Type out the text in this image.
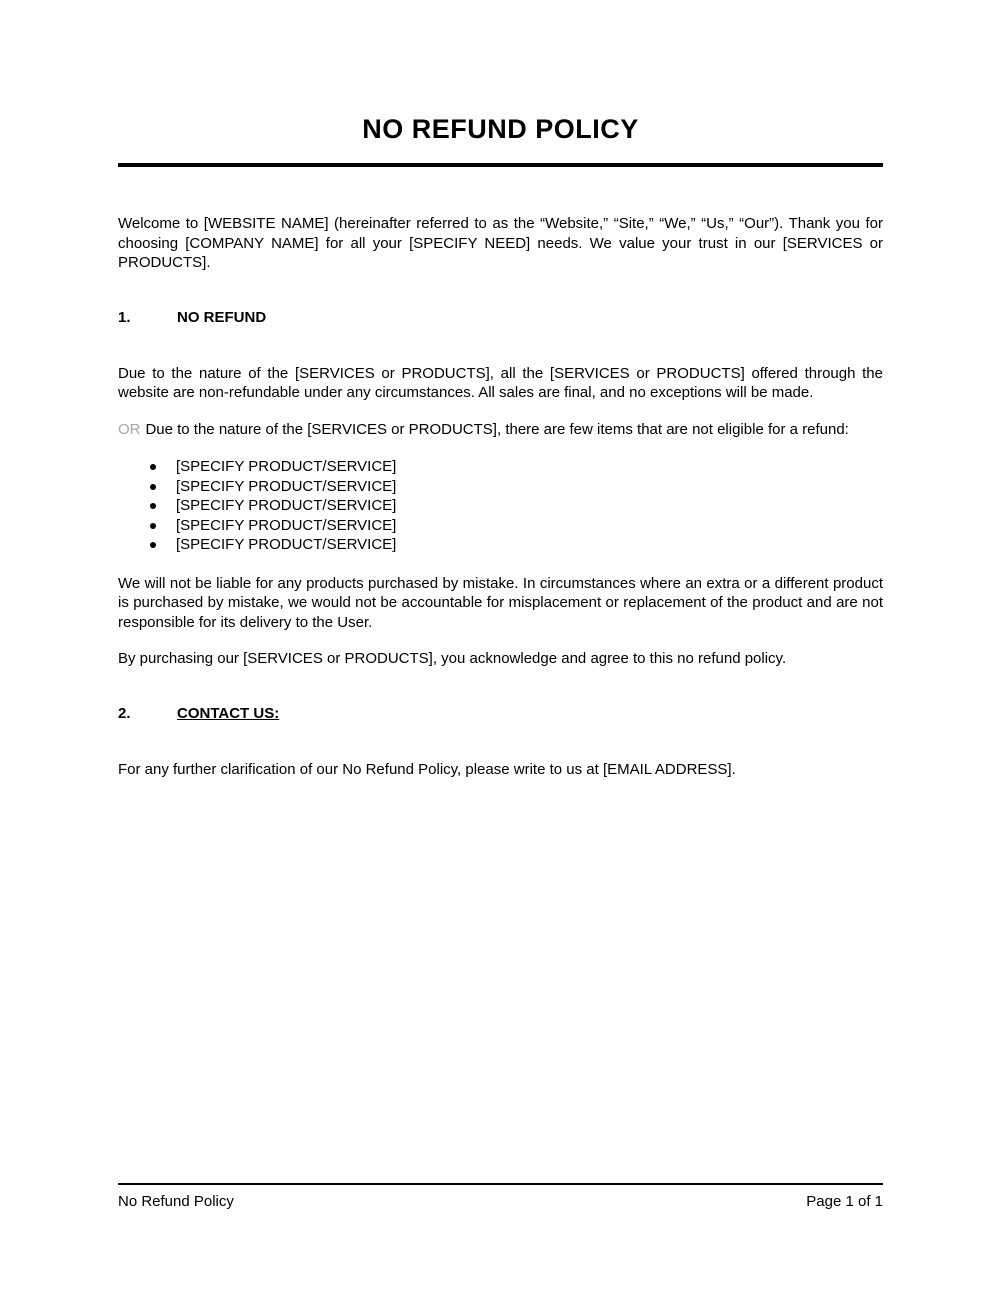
NO REFUND POLICY

Welcome to [WEBSITE NAME] (hereinafter referred to as the “Website,” “Site,” “We,” “Us,” “Our”). Thank you for choosing [COMPANY NAME] for all your [SPECIFY NEED] needs. We value your trust in our [SERVICES or PRODUCTS].

1.	NO REFUND

Due to the nature of the [SERVICES or PRODUCTS], all the [SERVICES or PRODUCTS] offered through the website are non-refundable under any circumstances. All sales are final, and no exceptions will be made.

OR Due to the nature of the [SERVICES or PRODUCTS], there are few items that are not eligible for a refund:

[SPECIFY PRODUCT/SERVICE]
[SPECIFY PRODUCT/SERVICE]
[SPECIFY PRODUCT/SERVICE]
[SPECIFY PRODUCT/SERVICE]
[SPECIFY PRODUCT/SERVICE]

We will not be liable for any products purchased by mistake. In circumstances where an extra or a different product is purchased by mistake, we would not be accountable for misplacement or replacement of the product and are not responsible for its delivery to the User.

By purchasing our [SERVICES or PRODUCTS], you acknowledge and agree to this no refund policy.

2.	CONTACT US:

For any further clarification of our No Refund Policy, please write to us at [EMAIL ADDRESS].

No Refund Policy	Page 1 of 1
